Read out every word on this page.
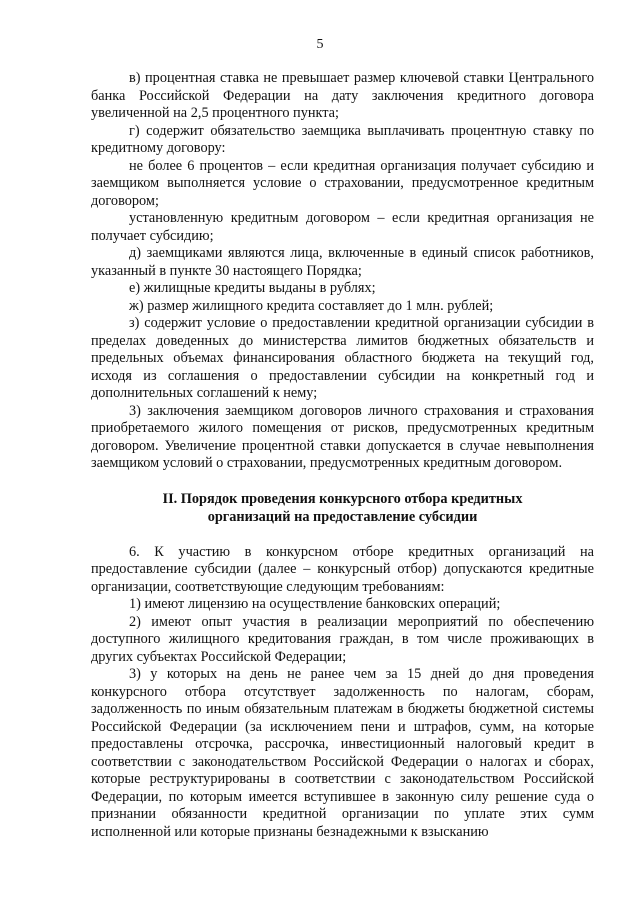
5

в) процентная ставка не превышает размер ключевой ставки Центрального банка Российской Федерации на дату заключения кредитного договора увеличенной на 2,5 процентного пункта;

г) содержит обязательство заемщика выплачивать процентную ставку по кредитному договору:

не более 6 процентов – если кредитная организация получает субсидию и заемщиком выполняется условие о страховании, предусмотренное кредитным договором;

установленную кредитным договором – если кредитная организация не получает субсидию;

д) заемщиками являются лица, включенные в единый список работников, указанный в пункте 30 настоящего Порядка;

е) жилищные кредиты выданы в рублях;

ж) размер жилищного кредита составляет до 1 млн. рублей;

з) содержит условие о предоставлении кредитной организации субсидии в пределах доведенных до министерства лимитов бюджетных обязательств и предельных объемах финансирования областного бюджета на текущий год, исходя из соглашения о предоставлении субсидии на конкретный год и дополнительных соглашений к нему;

3) заключения заемщиком договоров личного страхования и страхования приобретаемого жилого помещения от рисков, предусмотренных кредитным договором. Увеличение процентной ставки допускается в случае невыполнения заемщиком условий о страховании, предусмотренных кредитным договором.

II. Порядок проведения конкурсного отбора кредитных
организаций на предоставление субсидии

6. К участию в конкурсном отборе кредитных организаций на предоставление субсидии (далее – конкурсный отбор) допускаются кредитные организации, соответствующие следующим требованиям:

1) имеют лицензию на осуществление банковских операций;

2) имеют опыт участия в реализации мероприятий по обеспечению доступного жилищного кредитования граждан, в том числе проживающих в других субъектах Российской Федерации;

3) у которых на день не ранее чем за 15 дней до дня проведения конкурсного отбора отсутствует задолженность по налогам, сборам, задолженность по иным обязательным платежам в бюджеты бюджетной системы Российской Федерации (за исключением пени и штрафов, сумм, на которые предоставлены отсрочка, рассрочка, инвестиционный налоговый кредит в соответствии с законодательством Российской Федерации о налогах и сборах, которые реструктурированы в соответствии с законодательством Российской Федерации, по которым имеется вступившее в законную силу решение суда о признании обязанности кредитной организации по уплате этих сумм исполненной или которые признаны безнадежными к взысканию
